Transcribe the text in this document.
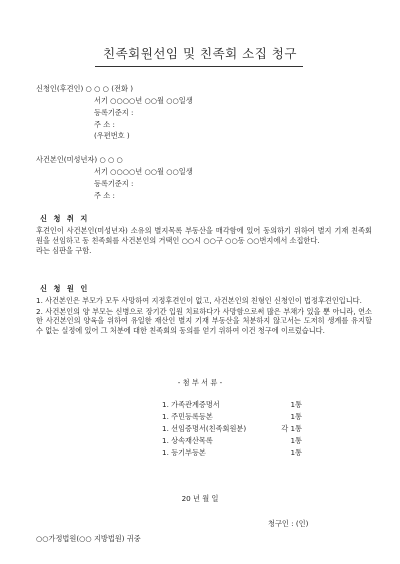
친족회원선임 및 친족회 소집 청구
신청인(후견인) ○ ○ ○ (전화 )
서기 ○○○○년 ○○월 ○○일생
등록기준지 :
주 소 :
(우편번호 )
사건본인(미성년자) ○ ○ ○
서기 ○○○○년 ○○월 ○○일생
등록기준지 :
주 소 :
신 청 취 지

후견인이 사건본인(미성년자) 소유의 별지목록 부동산을 매각함에 있어 동의하기 위하여 별지 기재 친족회원을 선임하고 동 친족회를 사건본인의 거택인 ○○시 ○○구 ○○동 ○○번지에서 소집한다.

라는 심판을 구함.

신 청 원 인

1. 사건본인은 부모가 모두 사망하여 지정후견인이 없고, 사건본인의 친형인 신청인이 법정후견인입니다.

2. 사건본인의 양 부모는 신병으로 장기간 입원 치료하다가 사망함으로써 많은 부채가 있을 뿐 아니라, 연소한 사건본인의 양육을 위하여 유일한 재산인 별지 기재 부동산을 처분하지 않고서는 도저히 생계를 유지할 수 없는 실정에 있어 그 처분에 대한 친족회의 동의를 얻기 위하여 이건 청구에 이르렀습니다.

- 첨 부 서 류 -
1. 가족관계증명서	1통
1. 주민등록등본	1통
1. 선임증명서(친족회원분)	각 1통
1. 상속재산목록	1통
1. 등기부등본	1통
20 년 월 일
청구인 : (인)
○○가정법원(○○ 지방법원) 귀중
